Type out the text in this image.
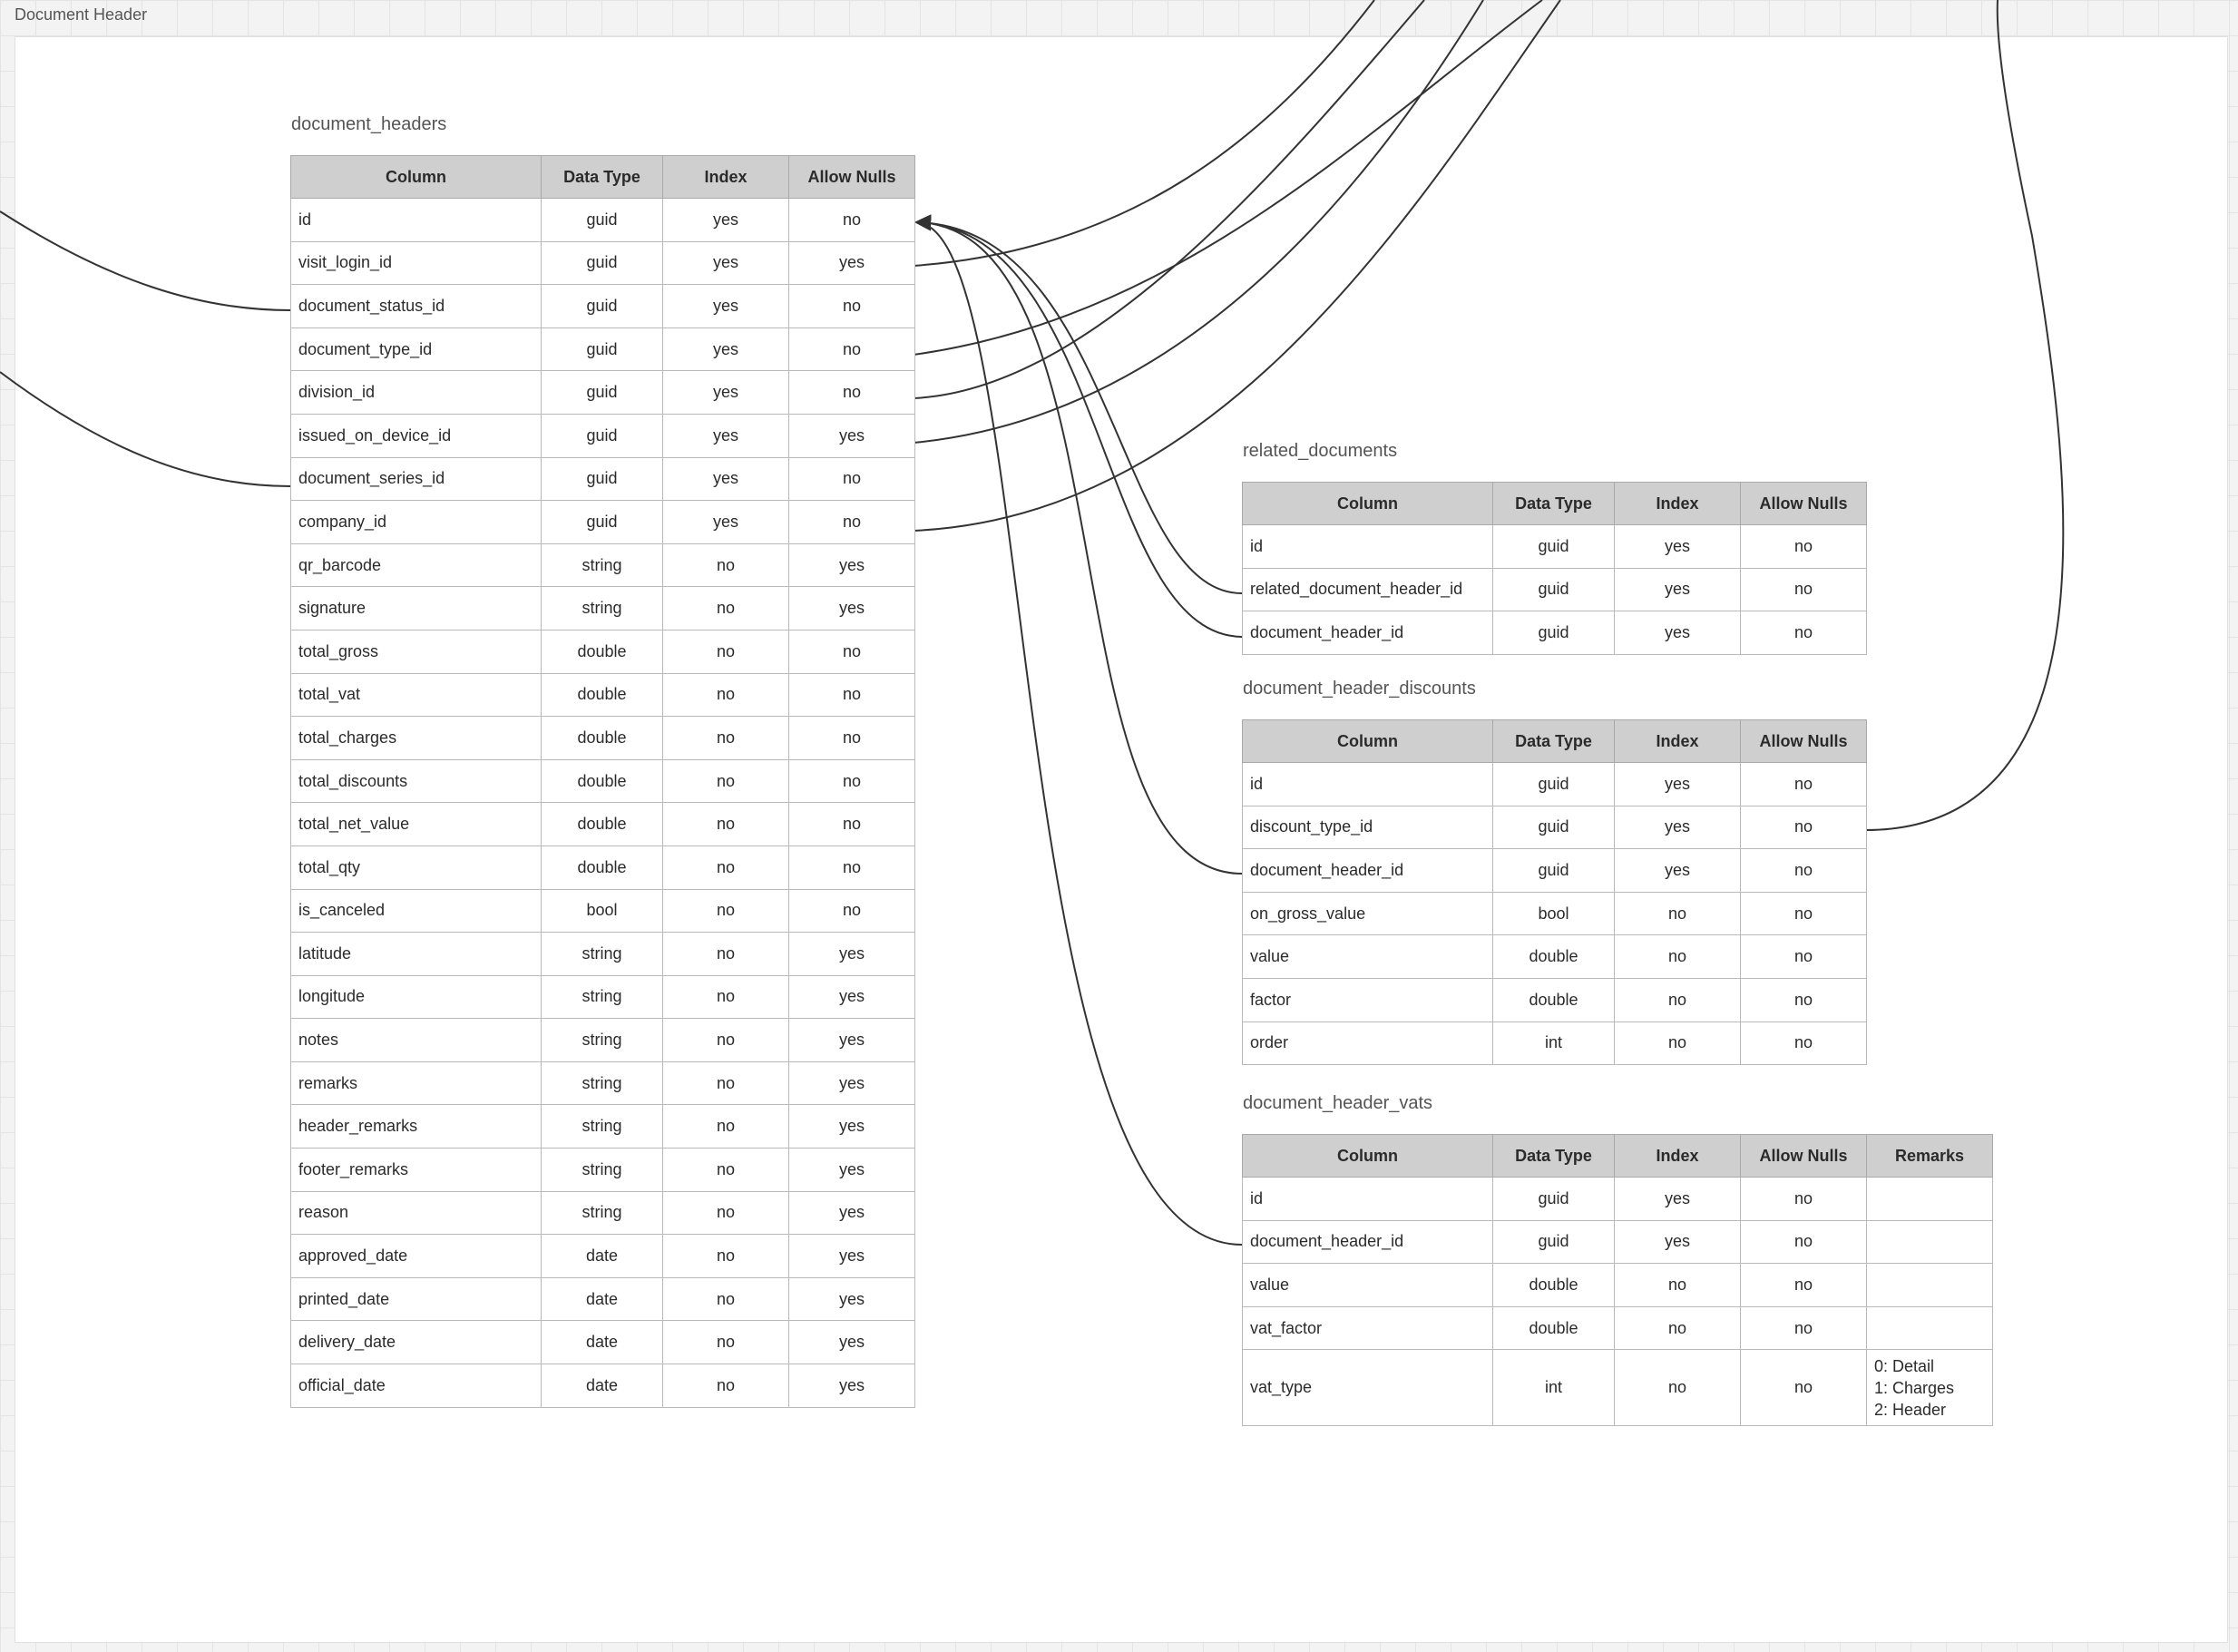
Document Header
document_headers
Column	Data Type	Index	Allow Nulls
id	guid	yes	no
visit_login_id	guid	yes	yes
document_status_id	guid	yes	no
document_type_id	guid	yes	no
division_id	guid	yes	no
issued_on_device_id	guid	yes	yes
document_series_id	guid	yes	no
company_id	guid	yes	no
qr_barcode	string	no	yes
signature	string	no	yes
total_gross	double	no	no
total_vat	double	no	no
total_charges	double	no	no
total_discounts	double	no	no
total_net_value	double	no	no
total_qty	double	no	no
is_canceled	bool	no	no
latitude	string	no	yes
longitude	string	no	yes
notes	string	no	yes
remarks	string	no	yes
header_remarks	string	no	yes
footer_remarks	string	no	yes
reason	string	no	yes
approved_date	date	no	yes
printed_date	date	no	yes
delivery_date	date	no	yes
official_date	date	no	yes
related_documents
Column	Data Type	Index	Allow Nulls
id	guid	yes	no
related_document_header_id	guid	yes	no
document_header_id	guid	yes	no
document_header_discounts
Column	Data Type	Index	Allow Nulls
id	guid	yes	no
discount_type_id	guid	yes	no
document_header_id	guid	yes	no
on_gross_value	bool	no	no
value	double	no	no
factor	double	no	no
order	int	no	no
document_header_vats
Column	Data Type	Index	Allow Nulls	Remarks
id	guid	yes	no	
document_header_id	guid	yes	no	
value	double	no	no	
vat_factor	double	no	no	
vat_type	int	no	no	0: Detail
1: Charges
2: Header
